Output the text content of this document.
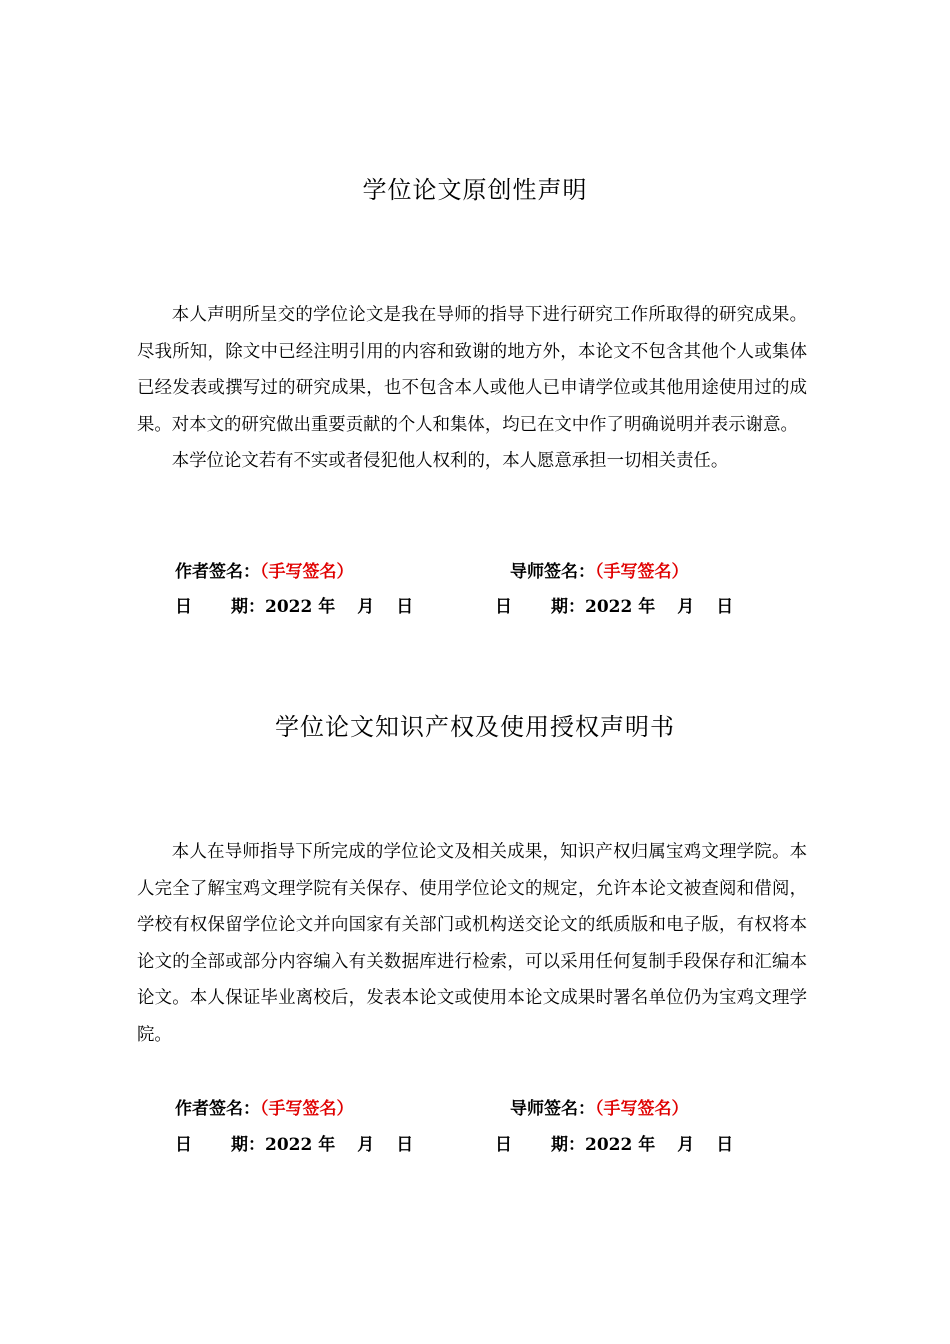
学位论文原创性声明

本人声明所呈交的学位论文是我在导师的指导下进行研究工作所取得的研究成果。尽我所知，除文中已经注明引用的内容和致谢的地方外，本论文不包含其他个人或集体已经发表或撰写过的研究成果，也不包含本人或他人已申请学位或其他用途使用过的成果。对本文的研究做出重要贡献的个人和集体，均已在文中作了明确说明并表示谢意。

本学位论文若有不实或者侵犯他人权利的，本人愿意承担一切相关责任。

作者签名：（手写签名）	导师签名：（手写签名）
日 期：2022 年 月 日	日 期：2022 年 月 日
学位论文知识产权及使用授权声明书

本人在导师指导下所完成的学位论文及相关成果，知识产权归属宝鸡文理学院。本人完全了解宝鸡文理学院有关保存、使用学位论文的规定，允许本论文被查阅和借阅，学校有权保留学位论文并向国家有关部门或机构送交论文的纸质版和电子版，有权将本论文的全部或部分内容编入有关数据库进行检索，可以采用任何复制手段保存和汇编本论文。本人保证毕业离校后，发表本论文或使用本论文成果时署名单位仍为宝鸡文理学院。

作者签名：（手写签名）	导师签名：（手写签名）
日 期：2022 年 月 日	日 期：2022 年 月 日
